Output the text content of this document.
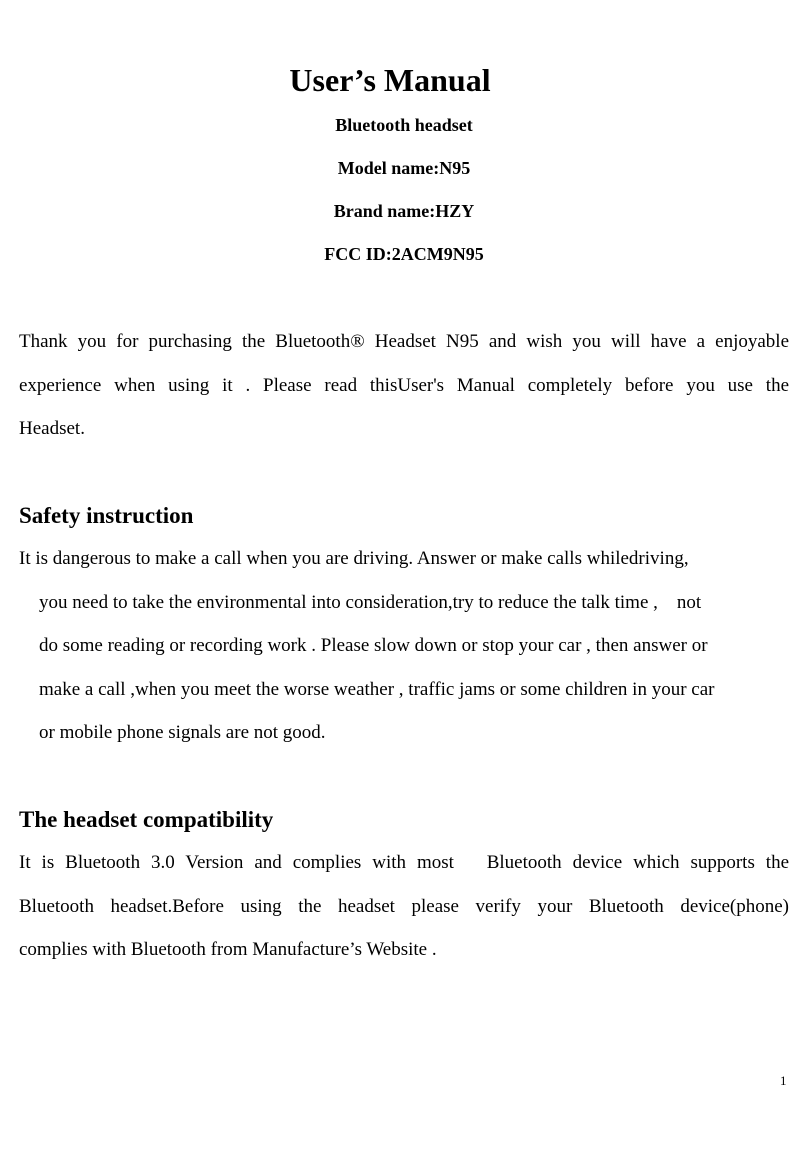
User’s Manual

Bluetooth headset

Model name:N95

Brand name:HZY

FCC ID:2ACM9N95

Thank you for purchasing the Bluetooth® Headset N95 and wish you will have a enjoyable
experience when using it . Please read thisUser's Manual completely before you use the
Headset.
Safety instruction
It is dangerous to make a call when you are driving. Answer or make calls whiledriving,
you need to take the environmental into consideration,try to reduce the talk time ,    not
do some reading or recording work . Please slow down or stop your car , then answer or
make a call ,when you meet the worse weather , traffic jams or some children in your car
or mobile phone signals are not good.
The headset compatibility
It is Bluetooth 3.0 Version and complies with most   Bluetooth device which supports the
Bluetooth headset.Before using the headset please verify your Bluetooth device(phone)
complies with Bluetooth from Manufacture’s Website .
1
